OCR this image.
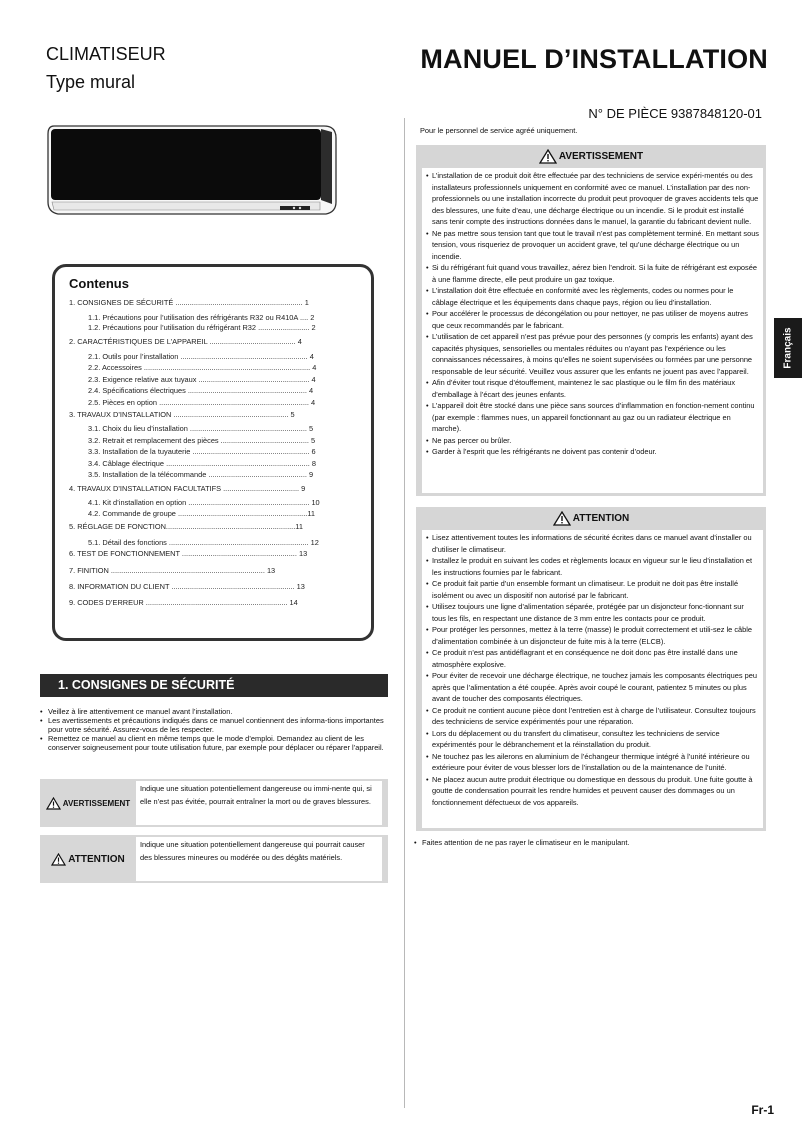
CLIMATISEUR
Type mural
MANUEL D’INSTALLATION
N° DE PIÈCE 9387848120-01
Français
Contenus
1. CONSIGNES DE SÉCURITÉ .............................................................. 1
1.1. Précautions pour l’utilisation des réfrigérants R32 ou R410A .... 2
1.2. Précautions pour l’utilisation du réfrigérant R32 ......................... 2
2. CARACTÉRISTIQUES DE L’APPAREIL .......................................... 4
2.1. Outils pour l’installation .............................................................. 4
2.2. Accessoires ................................................................................. 4
2.3. Exigence relative aux tuyaux ...................................................... 4
2.4. Spécifications électriques .......................................................... 4
2.5. Pièces en option ......................................................................... 4
3. TRAVAUX D’INSTALLATION ........................................................ 5
3.1. Choix du lieu d’installation ......................................................... 5
3.2. Retrait et remplacement des pièces ........................................... 5
3.3. Installation de la tuyauterie ......................................................... 6
3.4. Câblage électrique ...................................................................... 8
3.5. Installation de la télécommande ................................................ 9
4. TRAVAUX D’INSTALLATION FACULTATIFS ..................................... 9
4.1. Kit d’installation en option ........................................................... 10
4.2. Commande de groupe ...............................................................11
5. RÉGLAGE DE FONCTION...............................................................11
5.1. Détail des fonctions .................................................................... 12
6. TEST DE FONCTIONNEMENT ........................................................ 13
7. FINITION ........................................................................... 13
8. INFORMATION DU CLIENT ............................................................ 13
9. CODES D’ERREUR ..................................................................... 14
1. CONSIGNES DE SÉCURITÉ
• Veillez à lire attentivement ce manuel avant l’installation.
• Les avertissements et précautions indiqués dans ce manuel contiennent des informa-tions importantes pour votre sécurité. Assurez-vous de les respecter.
• Remettez ce manuel au client en même temps que le mode d’emploi. Demandez au client de les conserver soigneusement pour toute utilisation future, par exemple pour déplacer ou réparer l’appareil.
AVERTISSEMENT
Indique une situation potentiellement dangereuse ou immi-nente qui, si elle n’est pas évitée, pourrait entraîner la mort ou de graves blessures.
ATTENTION
Indique une situation potentiellement dangereuse qui pourrait causer des blessures mineures ou modérée ou des dégâts matériels.
Pour le personnel de service agréé uniquement.
AVERTISSEMENT
• L’installation de ce produit doit être effectuée par des techniciens de service expéri-mentés ou des installateurs professionnels uniquement en conformité avec ce manuel. L’installation par des non-professionnels ou une installation incorrecte du produit peut provoquer de graves accidents tels que des blessures, une fuite d’eau, une décharge électrique ou un incendie. Si le produit est installé sans tenir compte des instructions données dans le manuel, la garantie du fabricant devient nulle.
• Ne pas mettre sous tension tant que tout le travail n’est pas complètement terminé. En mettant sous tension, vous risqueriez de provoquer un accident grave, tel qu’une décharge électrique ou un incendie.
• Si du réfrigérant fuit quand vous travaillez, aérez bien l’endroit. Si la fuite de réfrigérant est exposée à une flamme directe, elle peut produire un gaz toxique.
• L’installation doit être effectuée en conformité avec les règlements, codes ou normes pour le câblage électrique et les équipements dans chaque pays, région ou lieu d’installation.
• Pour accélérer le processus de décongélation ou pour nettoyer, ne pas utiliser de moyens autres que ceux recommandés par le fabricant.
• L’utilisation de cet appareil n’est pas prévue pour des personnes (y compris les enfants) ayant des capacités physiques, sensorielles ou mentales réduites ou n’ayant pas l’expérience ou les connaissances nécessaires, à moins qu’elles ne soient supervisées ou formées par une personne responsable de leur sécurité. Veuillez vous assurer que les enfants ne jouent pas avec l’appareil.
• Afin d’éviter tout risque d’étouffement, maintenez le sac plastique ou le film fin des matériaux d’emballage à l’écart des jeunes enfants.
• L’appareil doit être stocké dans une pièce sans sources d’inflammation en fonction-nement continu (par exemple : flammes nues, un appareil fonctionnant au gaz ou un radiateur électrique en marche).
• Ne pas percer ou brûler.
• Garder à l’esprit que les réfrigérants ne doivent pas contenir d’odeur.
ATTENTION
• Lisez attentivement toutes les informations de sécurité écrites dans ce manuel avant d’installer ou d’utiliser le climatiseur.
• Installez le produit en suivant les codes et règlements locaux en vigueur sur le lieu d’installation et les instructions fournies par le fabricant.
• Ce produit fait partie d’un ensemble formant un climatiseur. Le produit ne doit pas être installé isolément ou avec un dispositif non autorisé par le fabricant.
• Utilisez toujours une ligne d’alimentation séparée, protégée par un disjoncteur fonc-tionnant sur tous les fils, en respectant une distance de 3 mm entre les contacts pour ce produit.
• Pour protéger les personnes, mettez à la terre (masse) le produit correctement et utili-sez le câble d’alimentation combinée à un disjoncteur de fuite mis à la terre (ELCB).
• Ce produit n’est pas antidéflagrant et en conséquence ne doit donc pas être installé dans une atmosphère explosive.
• Pour éviter de recevoir une décharge électrique, ne touchez jamais les composants électriques peu après que l’alimentation a été coupée. Après avoir coupé le courant, patientez 5 minutes ou plus avant de toucher des composants électriques.
• Ce produit ne contient aucune pièce dont l’entretien est à charge de l’utilisateur. Consultez toujours des techniciens de service expérimentés pour une réparation.
• Lors du déplacement ou du transfert du climatiseur, consultez les techniciens de service expérimentés pour le débranchement et la réinstallation du produit.
• Ne touchez pas les ailerons en aluminium de l’échangeur thermique intégré à l’unité intérieure ou extérieure pour éviter de vous blesser lors de l’installation ou de la maintenance de l’unité.
• Ne placez aucun autre produit électrique ou domestique en dessous du produit. Une fuite goutte à goutte de condensation pourrait les rendre humides et peuvent causer des dommages ou un fonctionnement défectueux de vos appareils.
• Faites attention de ne pas rayer le climatiseur en le manipulant.
Fr-1
